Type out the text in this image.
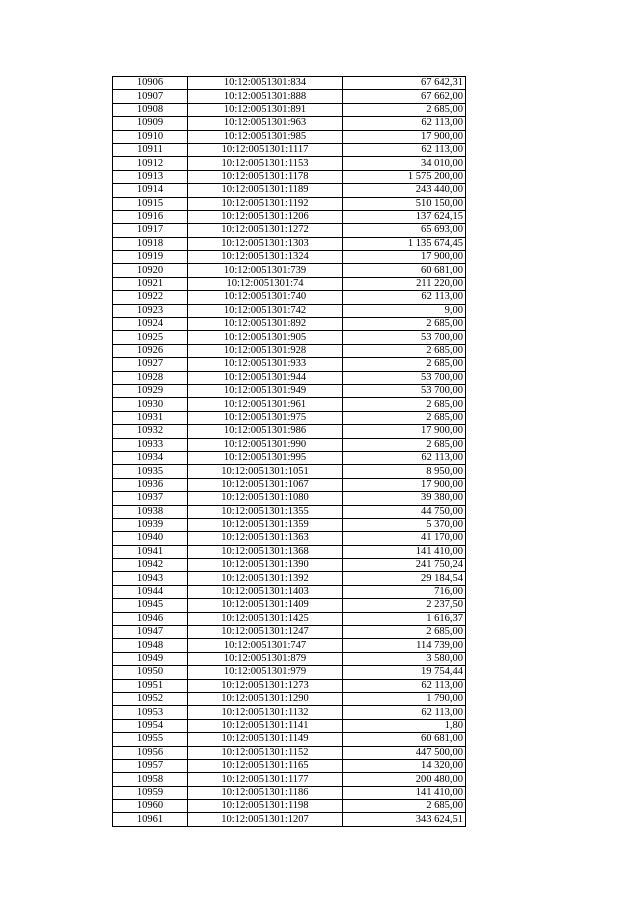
10906	10:12:0051301:834	67 642,31
10907	10:12:0051301:888	67 662,00
10908	10:12:0051301:891	2 685,00
10909	10:12:0051301:963	62 113,00
10910	10:12:0051301:985	17 900,00
10911	10:12:0051301:1117	62 113,00
10912	10:12:0051301:1153	34 010,00
10913	10:12:0051301:1178	1 575 200,00
10914	10:12:0051301:1189	243 440,00
10915	10:12:0051301:1192	510 150,00
10916	10:12:0051301:1206	137 624,15
10917	10:12:0051301:1272	65 693,00
10918	10:12:0051301:1303	1 135 674,45
10919	10:12:0051301:1324	17 900,00
10920	10:12:0051301:739	60 681,00
10921	10:12:0051301:74	211 220,00
10922	10:12:0051301:740	62 113,00
10923	10:12:0051301:742	9,00
10924	10:12:0051301:892	2 685,00
10925	10:12:0051301:905	53 700,00
10926	10:12:0051301:928	2 685,00
10927	10:12:0051301:933	2 685,00
10928	10:12:0051301:944	53 700,00
10929	10:12:0051301:949	53 700,00
10930	10:12:0051301:961	2 685,00
10931	10:12:0051301:975	2 685,00
10932	10:12:0051301:986	17 900,00
10933	10:12:0051301:990	2 685,00
10934	10:12:0051301:995	62 113,00
10935	10:12:0051301:1051	8 950,00
10936	10:12:0051301:1067	17 900,00
10937	10:12:0051301:1080	39 380,00
10938	10:12:0051301:1355	44 750,00
10939	10:12:0051301:1359	5 370,00
10940	10:12:0051301:1363	41 170,00
10941	10:12:0051301:1368	141 410,00
10942	10:12:0051301:1390	241 750,24
10943	10:12:0051301:1392	29 184,54
10944	10:12:0051301:1403	716,00
10945	10:12:0051301:1409	2 237,50
10946	10:12:0051301:1425	1 616,37
10947	10:12:0051301:1247	2 685,00
10948	10:12:0051301:747	114 739,00
10949	10:12:0051301:879	3 580,00
10950	10:12:0051301:979	19 754,44
10951	10:12:0051301:1273	62 113,00
10952	10:12:0051301:1290	1 790,00
10953	10:12:0051301:1132	62 113,00
10954	10:12:0051301:1141	1,80
10955	10:12:0051301:1149	60 681,00
10956	10:12:0051301:1152	447 500,00
10957	10:12:0051301:1165	14 320,00
10958	10:12:0051301:1177	200 480,00
10959	10:12:0051301:1186	141 410,00
10960	10:12:0051301:1198	2 685,00
10961	10:12:0051301:1207	343 624,51
